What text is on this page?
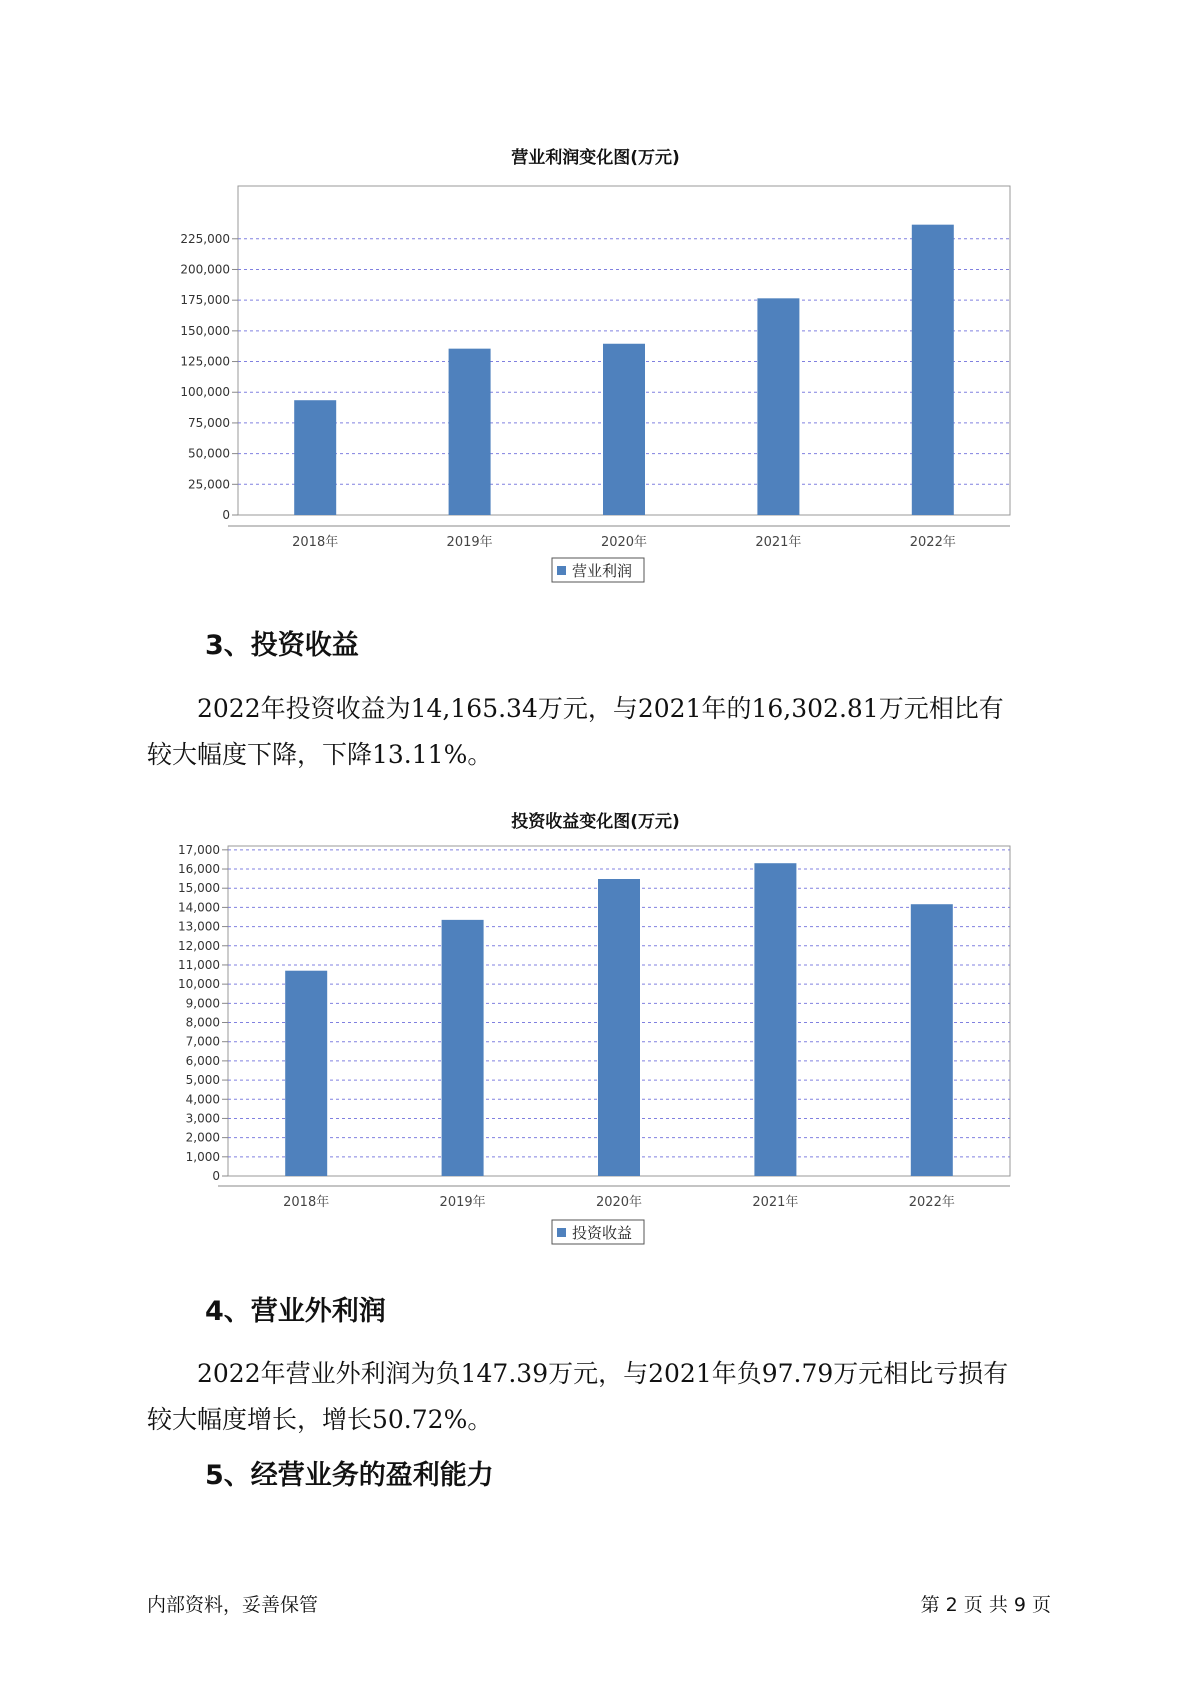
营业利润变化图(万元)
0
25,000
50,000
75,000
100,000
125,000
150,000
175,000
200,000
225,000
2018年	2019年	2020年	2021年	2022年
营业利润
3、投资收益

2022年投资收益为14,165.34万元，与2021年的16,302.81万元相比有
较大幅度下降，下降13.11%。

投资收益变化图(万元)
0
1,000
2,000
3,000
4,000
5,000
6,000
7,000
8,000
9,000
10,000
11,000
12,000
13,000
14,000
15,000
16,000
17,000
2018年	2019年	2020年	2021年	2022年
投资收益
4、营业外利润

2022年营业外利润为负147.39万元，与2021年负97.79万元相比亏损有
较大幅度增长，增长50.72%。

5、经营业务的盈利能力
内部资料，妥善保管	第 2 页 共 9 页
